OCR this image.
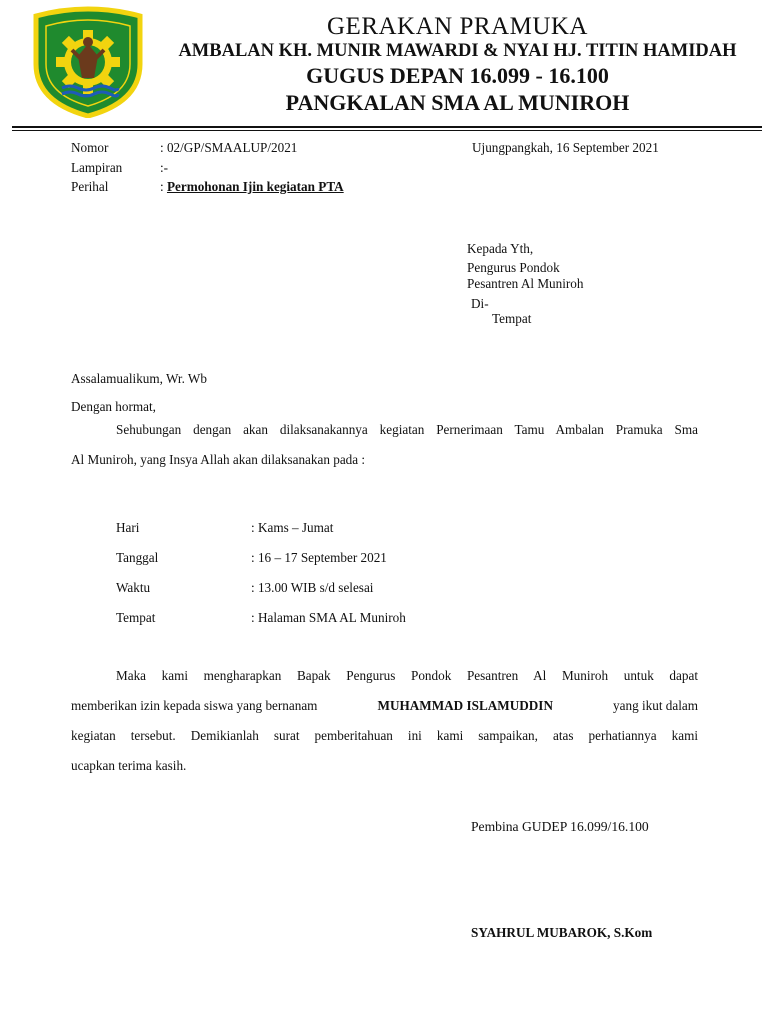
GERAKAN PRAMUKA
AMBALAN KH. MUNIR MAWARDI & NYAI HJ. TITIN HAMIDAH
GUGUS DEPAN 16.099 - 16.100
PANGKALAN SMA AL MUNIROH
Nomor	: 02/GP/SMAALUP/2021	Ujungpangkah, 16 September 2021
Lampiran	:-
Perihal	: Permohonan Ijin kegiatan PTA
Kepada Yth,
Pengurus Pondok
Pesantren Al Muniroh
Di-
Tempat
Assalamualikum, Wr. Wb
Dengan hormat,
Sehubungan dengan akan dilaksanakannya kegiatan Pernerimaan Tamu Ambalan Pramuka Sma
Al Muniroh, yang Insya Allah akan dilaksanakan pada :
Hari	: Kams – Jumat
Tanggal	: 16 – 17 September 2021
Waktu	: 13.00 WIB s/d selesai
Tempat	: Halaman SMA AL Muniroh
Maka kami mengharapkan Bapak Pengurus Pondok Pesantren Al Muniroh untuk dapat
memberikan izin kepada siswa yang bernanam	MUHAMMAD ISLAMUDDIN	yang ikut dalam
kegiatan tersebut. Demikianlah surat pemberitahuan ini kami sampaikan, atas perhatiannya kami
ucapkan terima kasih.
Pembina GUDEP 16.099/16.100
SYAHRUL MUBAROK, S.Kom
